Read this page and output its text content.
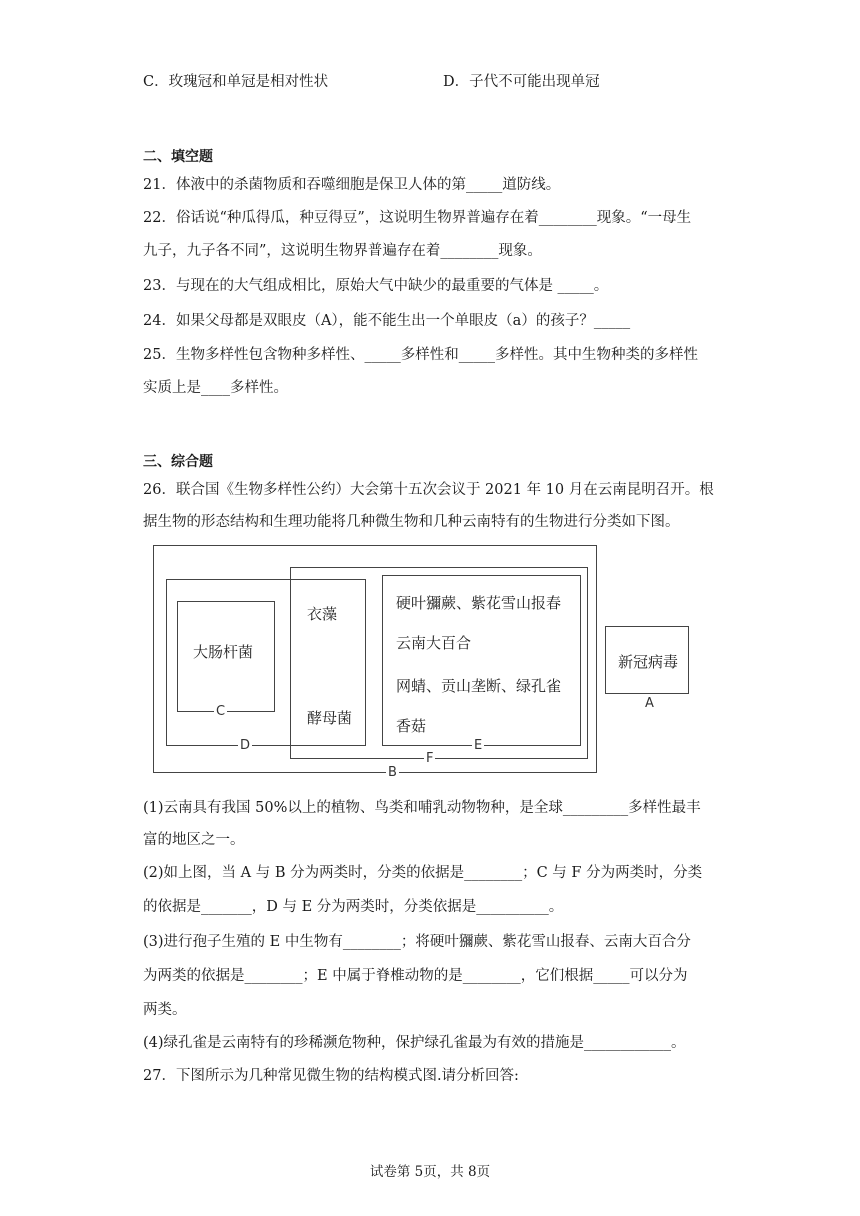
C．玫瑰冠和单冠是相对性状	D．子代不可能出现单冠
二、填空题
21．体液中的杀菌物质和吞噬细胞是保卫人体的第_____道防线。
22．俗话说“种瓜得瓜，种豆得豆”，这说明生物界普遍存在着________现象。“一母生
九子，九子各不同”，这说明生物界普遍存在着________现象。
23．与现在的大气组成相比，原始大气中缺少的最重要的气体是 _____。
24．如果父母都是双眼皮（A），能不能生出一个单眼皮（a）的孩子？_____
25．生物多样性包含物种多样性、_____多样性和_____多样性。其中生物种类的多样性
实质上是____多样性。
三、综合题
26．联合国《生物多样性公约）大会第十五次会议于 2021 年 10 月在云南昆明召开。根
据生物的形态结构和生理功能将几种微生物和几种云南特有的生物进行分类如下图。
大肠杆菌
衣藻
酵母菌
硬叶獼蕨、紫花雪山报春
云南大百合
网蜻、贡山垄断、绿孔雀
香菇
新冠病毒
C
D	E
F
B
A
(1)云南具有我国 50%以上的植物、鸟类和哺乳动物物种，是全球_________多样性最丰
富的地区之一。
(2)如上图，当 A 与 B 分为两类时，分类的依据是________；C 与 F 分为两类时，分类
的依据是_______，D 与 E 分为两类时，分类依据是__________。
(3)进行孢子生殖的 E 中生物有________；将硬叶獼蕨、紫花雪山报春、云南大百合分
为两类的依据是________；E 中属于脊椎动物的是________，它们根据_____可以分为
两类。
(4)绿孔雀是云南特有的珍稀濒危物种，保护绿孔雀最为有效的措施是____________。
27．下图所示为几种常见微生物的结构模式图.请分析回答:
试卷第 5页，共 8页
